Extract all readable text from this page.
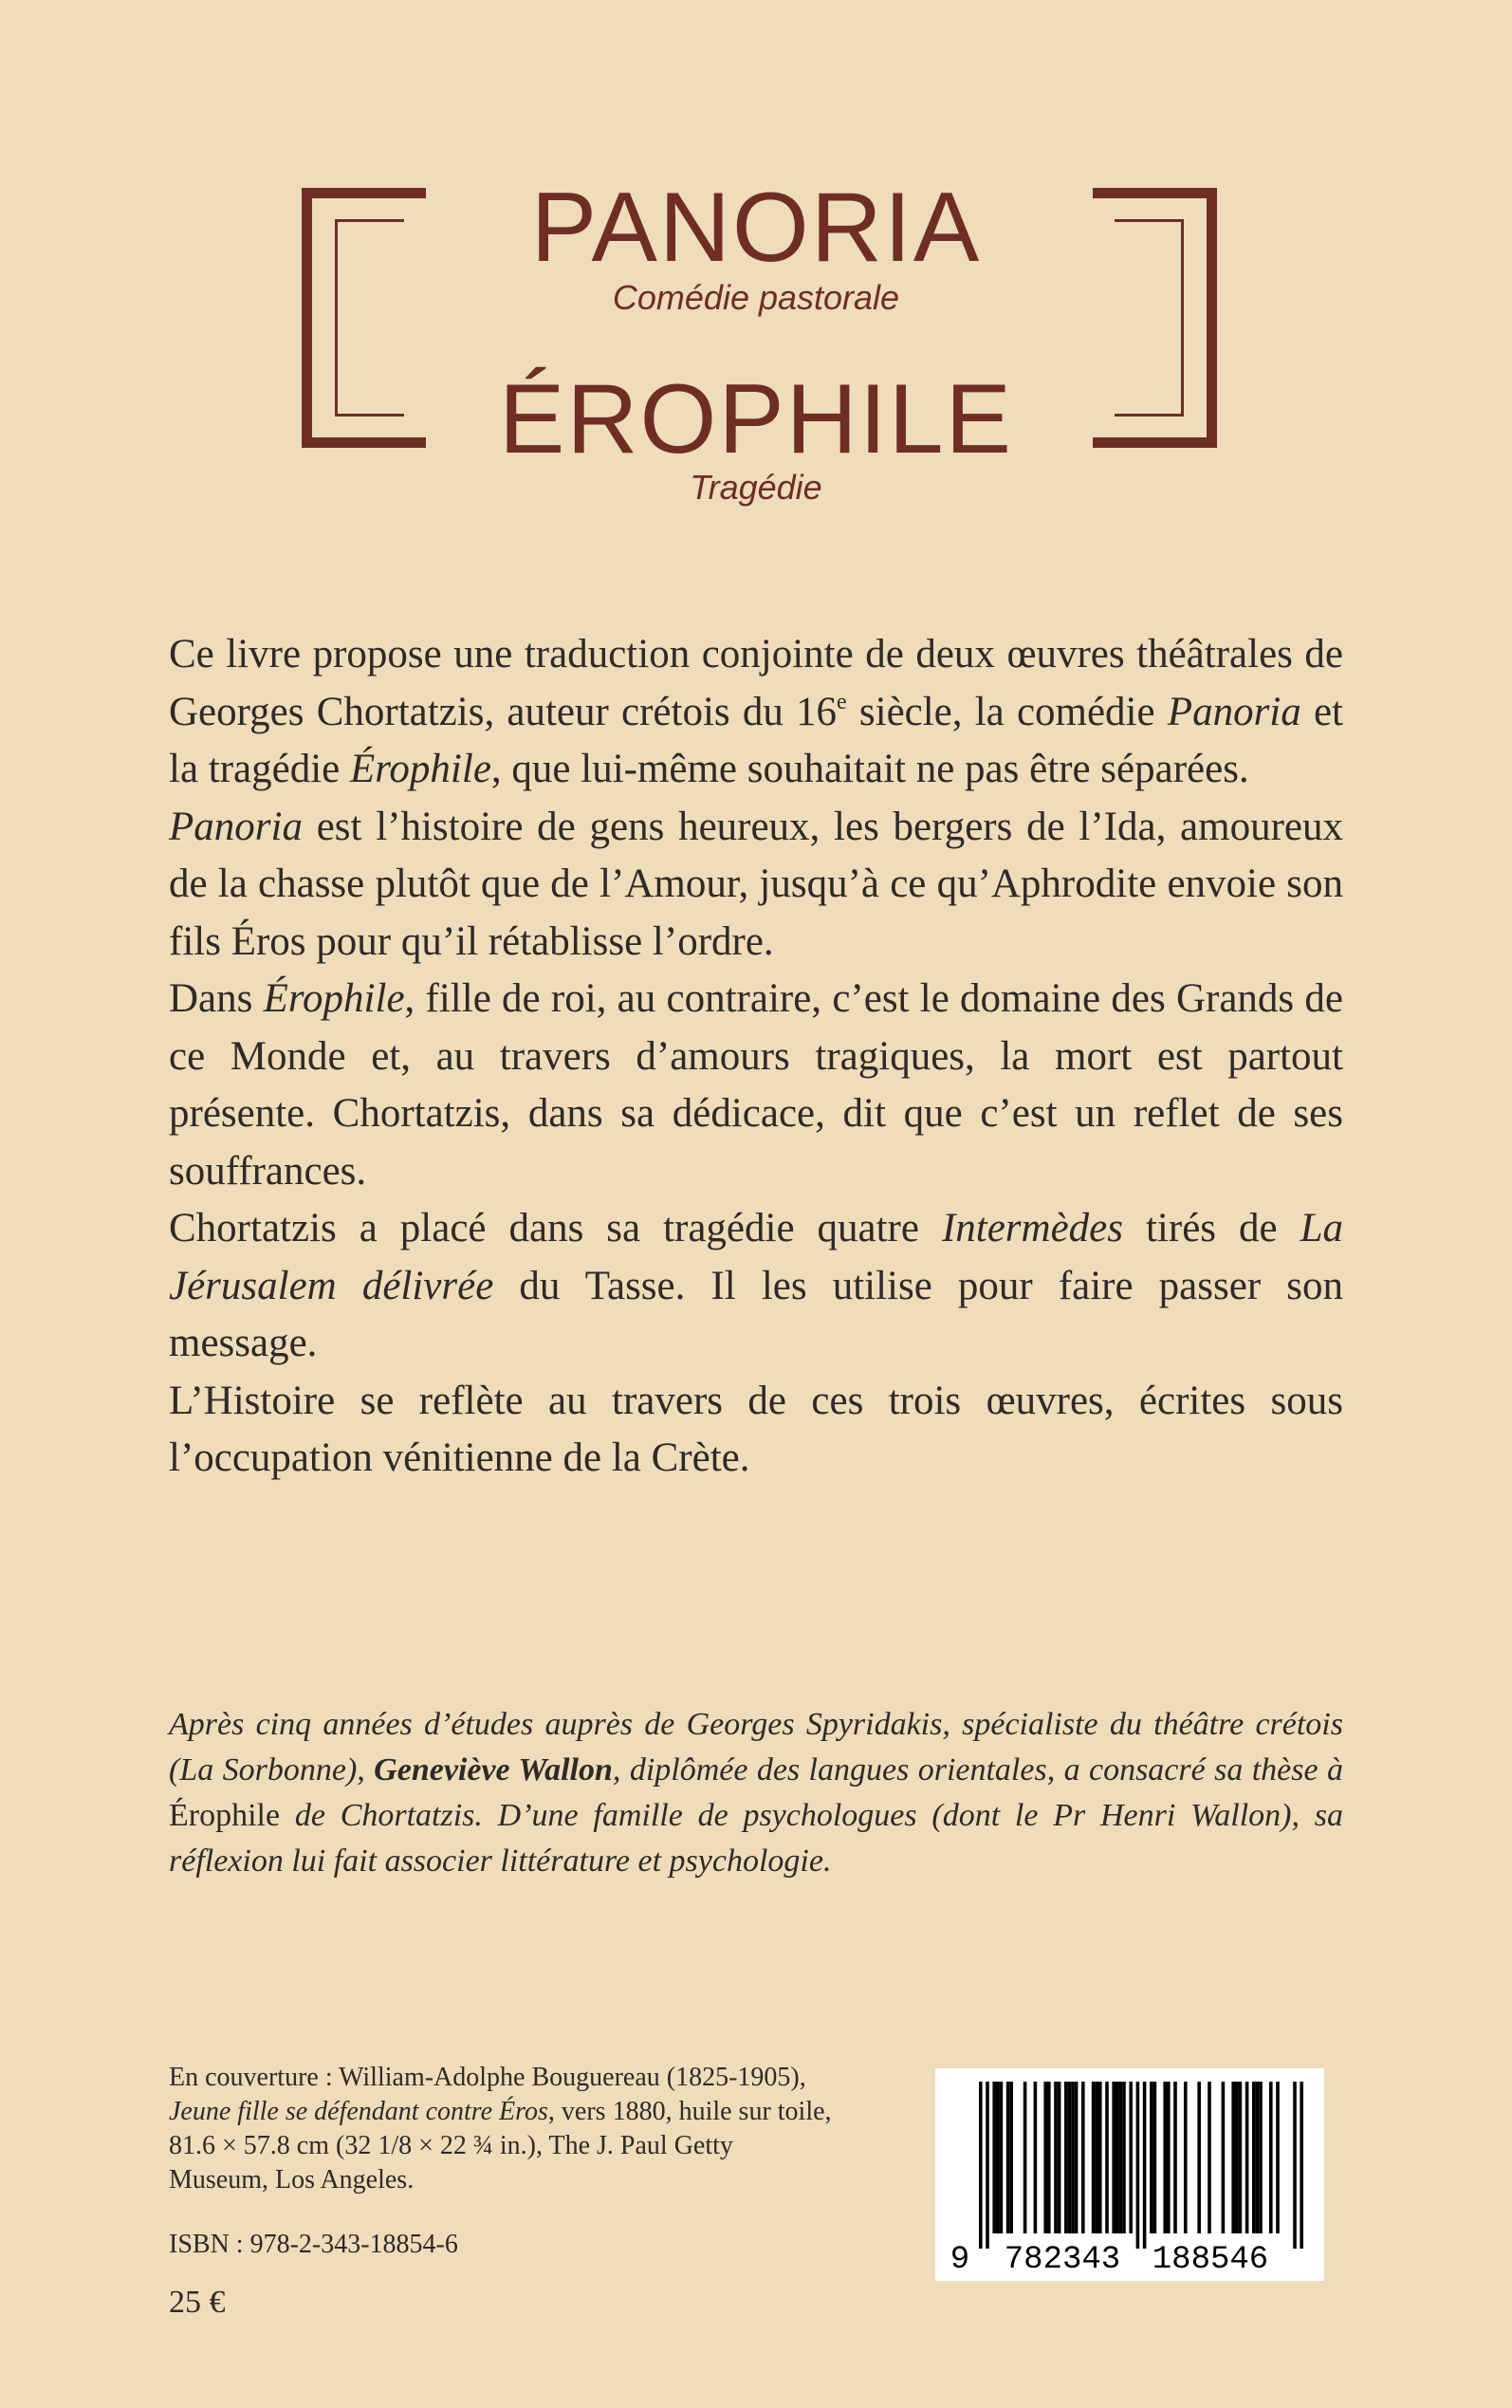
PANORIA
Comédie pastorale
ÉROPHILE
Tragédie

Ce livre propose une traduction conjointe de deux œuvres théâtrales de Georges Chortatzis, auteur crétois du 16e siècle, la comédie Panoria et la tragédie Érophile, que lui-même souhaitait ne pas être séparées.

Panoria est l’histoire de gens heureux, les bergers de l’Ida, amoureux de la chasse plutôt que de l’Amour, jusqu’à ce qu’Aphrodite envoie son fils Éros pour qu’il rétablisse l’ordre.

Dans Érophile, fille de roi, au contraire, c’est le domaine des Grands de ce Monde et, au travers d’amours tragiques, la mort est partout présente. Chortatzis, dans sa dédicace, dit que c’est un reflet de ses souffrances.

Chortatzis a placé dans sa tragédie quatre Intermèdes tirés de La Jérusalem délivrée du Tasse. Il les utilise pour faire passer son message.

L’Histoire se reflète au travers de ces trois œuvres, écrites sous l’occupation vénitienne de la Crète.

Après cinq années d’études auprès de Georges Spyridakis, spécialiste du théâtre crétois (La Sorbonne), Geneviève Wallon, diplômée des langues orientales, a consacré sa thèse à Érophile de Chortatzis. D’une famille de psychologues (dont le Pr Henri Wallon), sa réflexion lui fait associer littérature et psychologie.
En couverture : William-Adolphe Bouguereau (1825-1905), Jeune fille se défendant contre Éros, vers 1880, huile sur toile, 81.6 × 57.8 cm (32 1/8 × 22 ¾ in.), The J. Paul Getty Museum, Los Angeles.
ISBN : 978-2-343-18854-6
25 €
9 782343 188546
